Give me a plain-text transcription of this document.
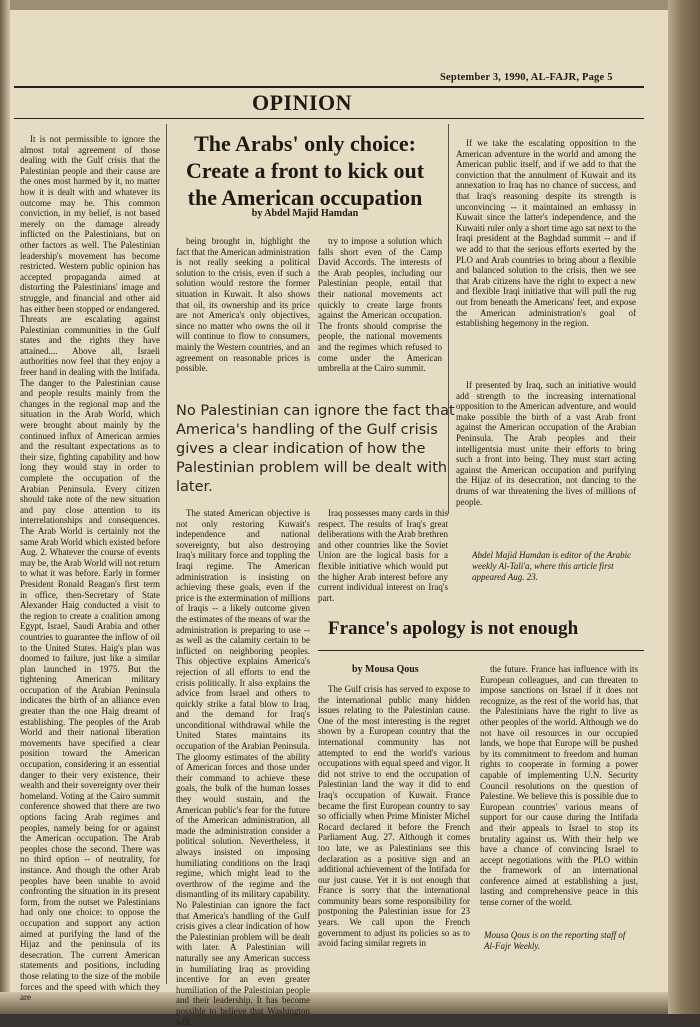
September 3, 1990, AL-FAJR, Page 5
OPINION

It is not permissible to ignore the almost total agreement of those dealing with the Gulf crisis that the Palestinian people and their cause are the ones most harmed by it, no matter how it is dealt with and whatever its outcome may be. This common conviction, in my belief, is not based merely on the damage already inflicted on the Palestinians, but on other factors as well. The Palestinian leadership's movement has become restricted. Western public opinion has accepted propaganda aimed at distorting the Palestinians' image and struggle, and financial and other aid has either been stopped or endangered. Threats are escalating against Palestinian communities in the Gulf states and the rights they have attained.... Above all, Israeli authorities now feel that they enjoy a freer hand in dealing with the Intifada. The danger to the Palestinian cause and people results mainly from the changes in the regional map and the situation in the Arab World, which were brought about mainly by the continued influx of American armies and the resultant expectations as to their size, fighting capability and how long they would stay in order to complete the occupation of the Arabian Peninsula. Every citizen should take note of the new situation and pay close attention to its interrelationships and consequences. The Arab World is certainly not the same Arab World which existed before Aug. 2. Whatever the course of events may be, the Arab World will not return to what it was before. Early in former President Ronald Reagan's first term in office, then-Secretary of State Alexander Haig conducted a visit to the region to create a coalition among Egypt, Israel, Saudi Arabia and other countries to guarantee the inflow of oil to the United States. Haig's plan was doomed to failure, just like a similar plan launched in 1975. But the tightening American military occupation of the Arabian Peninsula indicates the birth of an alliance even greater than the one Haig dreamt of establishing. The peoples of the Arab World and their national liberation movements have specified a clear position toward the American occupation, considering it an essential danger to their very existence, their wealth and their sovereignty over their homeland. Voting at the Cairo summit conference showed that there are two options facing Arab regimes and peoples, namely being for or against the American occupation. The Arab peoples chose the second. There was no third option -- of neutrality, for instance. And though the other Arab peoples have been unable to avoid confronting the situation in its present form, from the outset we Palestinians had only one choice: to oppose the occupation and support any action aimed at purifying the land of the Hijaz and the peninsula of its desecration. The current American statements and positions, including those relating to the size of the mobile forces and the speed with which they are

The Arabs' only choice: Create a front to kick out the American occupation
by Abdel Majid Hamdan

being brought in, highlight the fact that the American administration is not really seeking a political solution to the crisis, even if such a solution would restore the former situation in Kuwait. It also shows that oil, its ownership and its price are not America's only objectives, since no matter who owns the oil it will continue to flow to consumers, mainly the Western countries, and an agreement on reasonable prices is possible.

try to impose a solution which falls short even of the Camp David Accords. The interests of the Arab peoples, including our Palestinian people, entail that their national movements act quickly to create large fronts against the American occupation. The fronts should comprise the people, the national movements and the regimes which refused to come under the American umbrella at the Cairo summit.

If we take the escalating opposition to the American adventure in the world and among the American public itself, and if we add to that the conviction that the annulment of Kuwait and its annexation to Iraq has no chance of success, and that Iraq's reasoning despite its strength is unconvincing -- it maintained an embassy in Kuwait since the latter's independence, and the Kuwaiti ruler only a short time ago sat next to the Iraqi president at the Baghdad summit -- and if we add to that the serious efforts exerted by the PLO and Arab countries to bring about a flexible and balanced solution to the crisis, then we see that Arab citizens have the right to expect a new and flexible Iraqi initiative that will pull the rug out from beneath the Americans' feet, and expose the American administration's goal of establishing hegemony in the region.

If presented by Iraq, such an initiative would add strength to the increasing international opposition to the American adventure, and would make possible the birth of a vast Arab front against the American occupation of the Arabian Peninsula. The Arab peoples and their intelligentsia must unite their efforts to bring such a front into being. They must start acting against the American occupation and purifying the Hijaz of its desecration, not dancing to the drums of war threatening the lives of millions of people.

No Palestinian can ignore the fact that America's handling of the Gulf crisis gives a clear indication of how the Palestinian problem will be dealt with later.

The stated American objective is not only restoring Kuwait's independence and national sovereignty, but also destroying Iraq's military force and toppling the Iraqi regime. The American administration is insisting on achieving these goals, even if the price is the extermination of millions of Iraqis -- a likely outcome given the estimates of the means of war the administration is preparing to use -- as well as the calamity certain to be inflicted on neighboring peoples. This objective explains America's rejection of all efforts to end the crisis politically. It also explains the advice from Israel and others to quickly strike a fatal blow to Iraq, and the demand for Iraq's unconditional withdrawal while the United States maintains its occupation of the Arabian Peninsula. The gloomy estimates of the ability of American forces and those under their command to achieve these goals, the bulk of the human losses they would sustain, and the American public's fear for the future of the American administration, all made the administration consider a political solution. Nevertheless, it always insisted on imposing humiliating conditions on the Iraqi regime, which might lead to the overthrow of the regime and the dismantling of its military capability. No Palestinian can ignore the fact that America's handling of the Gulf crisis gives a clear indication of how the Palestinian problem will be dealt with later. A Palestinian will naturally see any American success in humiliating Iraq as providing incentive for an even greater humiliation of the Palestinian people and their leadership. It has become possible to believe that Washington will

Iraq possesses many cards in this respect. The results of Iraq's great deliberations with the Arab brethren and other countries like the Soviet Union are the logical basis for a flexible initiative which would put the higher Arab interest before any current individual interest on Iraq's part.

Abdel Majid Hamdan is editor of the Arabic weekly Al-Tali'a, where this article first appeared Aug. 23.
France's apology is not enough
by Mousa Qous

The Gulf crisis has served to expose to the international public many hidden issues relating to the Palestinian cause. One of the most interesting is the regret shown by a European country that the international community has not attempted to end the world's various occupations with equal speed and vigor. It did not strive to end the occupation of Palestinian land the way it did to end Iraq's occupation of Kuwait. France became the first European country to say so officially when Prime Minister Michel Rocard declared it before the French Parliament Aug. 27. Although it comes too late, we as Palestinians see this declaration as a positive sign and an additional achievement of the Intifada for our just cause. Yet it is not enough that France is sorry that the international community bears some responsibility for postponing the Palestinian issue for 23 years. We call upon the French government to adjust its policies so as to avoid facing similar regrets in

the future. France has influence with its European colleagues, and can threaten to impose sanctions on Israel if it does not recognize, as the rest of the world has, that the Palestinians have the right to live as other peoples of the world. Although we do not have oil resources in our occupied lands, we hope that Europe will be pushed by its commitment to freedom and human rights to cooperate in forming a power capable of implementing U.N. Security Council resolutions on the question of Palestine. We believe this is possible due to European countries' various means of support for our cause during the Intifada and their appeals to Israel to stop its brutality against us. With their help we have a chance of convincing Israel to accept negotiations with the PLO within the framework of an international conference aimed at establishing a just, lasting and comprehensive peace in this tense corner of the world.

Mousa Qous is on the reporting staff of Al-Fajr Weekly.
